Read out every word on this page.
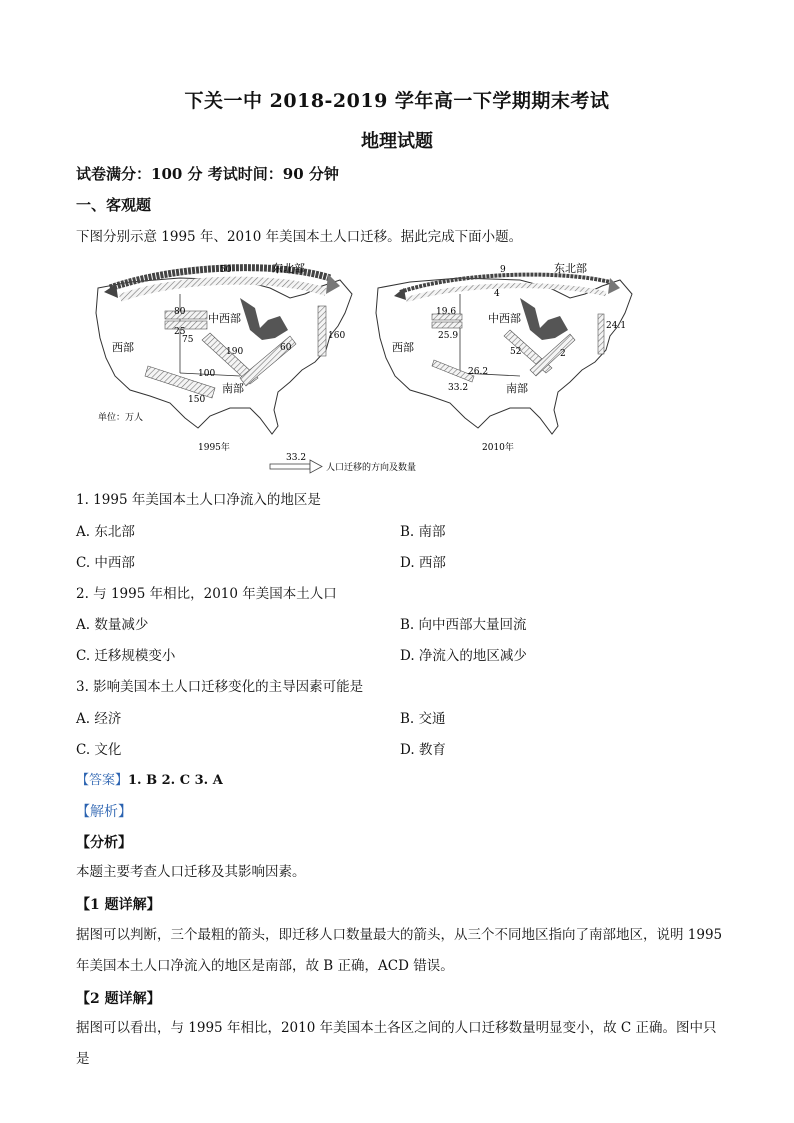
下关一中 2018-2019 学年高一下学期期末考试
地理试题
试卷满分：100 分 考试时间：90 分钟
一、客观题
下图分别示意 1995 年、2010 年美国本土人口迁移。据此完成下面小题。
东北部
中西部
西部
南部
50
80
25
75
150
60
100
190
160
单位：万人
1995年
东北部
中西部
西部
南部
9
4
19.6
25.9
52
26.2
33.2
2
24.1
2010年
33.2
人口迁移的方向及数量
1. 1995 年美国本土人口净流入的地区是
A. 东北部	B. 南部
C. 中西部	D. 西部
2. 与 1995 年相比，2010 年美国本土人口
A. 数量减少	B. 向中西部大量回流
C. 迁移规模变小	D. 净流入的地区减少
3. 影响美国本土人口迁移变化的主导因素可能是
A. 经济	B. 交通
C. 文化	D. 教育
【答案】1. B 2. C 3. A
【解析】
【分析】
本题主要考查人口迁移及其影响因素。
【1 题详解】
据图可以判断，三个最粗的箭头，即迁移人口数量最大的箭头，从三个不同地区指向了南部地区，说明 1995
年美国本土人口净流入的地区是南部，故 B 正确，ACD 错误。
【2 题详解】
据图可以看出，与 1995 年相比，2010 年美国本土各区之间的人口迁移数量明显变小，故 C 正确。图中只是
